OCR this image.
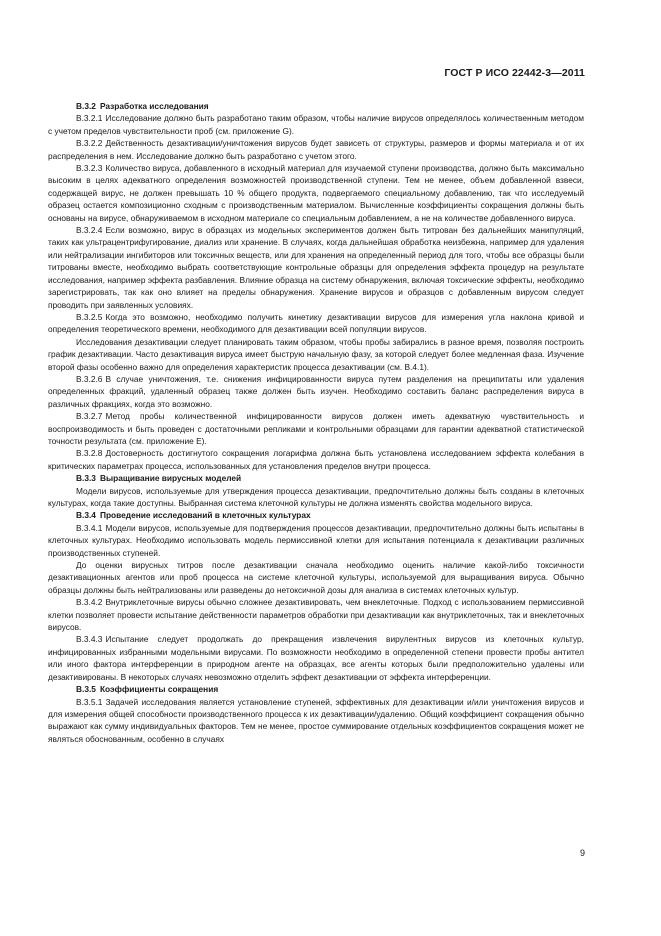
ГОСТ Р ИСО 22442-3—2011
B.3.2 Разработка исследования

B.3.2.1 Исследование должно быть разработано таким образом, чтобы наличие вирусов определялось количественным методом с учетом пределов чувствительности проб (см. приложение G).

B.3.2.2 Действенность дезактивации/уничтожения вирусов будет зависеть от структуры, размеров и формы материала и от их распределения в нем. Исследование должно быть разработано с учетом этого.

B.3.2.3 Количество вируса, добавленного в исходный материал для изучаемой ступени производства, должно быть максимально высоким в целях адекватного определения возможностей производственной ступени. Тем не менее, объем добавленной взвеси, содержащей вирус, не должен превышать 10 % общего продукта, подвергаемого специальному добавлению, так что исследуемый образец остается композиционно сходным с производственным материалом. Вычисленные коэффициенты сокращения должны быть основаны на вирусе, обнаруживаемом в исходном материале со специальным добавлением, а не на количестве добавленного вируса.

B.3.2.4 Если возможно, вирус в образцах из модельных экспериментов должен быть титрован без дальнейших манипуляций, таких как ультрацентрифугирование, диализ или хранение. В случаях, когда дальнейшая обработка неизбежна, например для удаления или нейтрализации ингибиторов или токсичных веществ, или для хранения на определенный период для того, чтобы все образцы были титрованы вместе, необходимо выбрать соответствующие контрольные образцы для определения эффекта процедур на результате исследования, например эффекта разбавления. Влияние образца на систему обнаружения, включая токсические эффекты, необходимо зарегистрировать, так как оно влияет на пределы обнаружения. Хранение вирусов и образцов с добавленным вирусом следует проводить при заявленных условиях.

B.3.2.5 Когда это возможно, необходимо получить кинетику дезактивации вирусов для измерения угла наклона кривой и определения теоретического времени, необходимого для дезактивации всей популяции вирусов.

Исследования дезактивации следует планировать таким образом, чтобы пробы забирались в разное время, позволяя построить график дезактивации. Часто дезактивация вируса имеет быструю начальную фазу, за которой следует более медленная фаза. Изучение второй фазы особенно важно для определения характеристик процесса дезактивации (см. B.4.1).

B.3.2.6 В случае уничтожения, т.е. снижения инфицированности вируса путем разделения на преципитаты или удаления определенных фракций, удаленный образец также должен быть изучен. Необходимо составить баланс распределения вируса в различных фракциях, когда это возможно.

B.3.2.7 Метод пробы количественной инфицированности вирусов должен иметь адекватную чувствительность и воспроизводимость и быть проведен с достаточными репликами и контрольными образцами для гарантии адекватной статистической точности результата (см. приложение E).

B.3.2.8 Достоверность достигнутого сокращения логарифма должна быть установлена исследованием эффекта колебания в критических параметрах процесса, использованных для установления пределов внутри процесса.

B.3.3 Выращивание вирусных моделей

Модели вирусов, используемые для утверждения процесса дезактивации, предпочтительно должны быть созданы в клеточных культурах, когда такие доступны. Выбранная система клеточной культуры не должна изменять свойства модельного вируса.

B.3.4 Проведение исследований в клеточных культурах

B.3.4.1 Модели вирусов, используемые для подтверждения процессов дезактивации, предпочтительно должны быть испытаны в клеточных культурах. Необходимо использовать модель пермиссивной клетки для испытания потенциала к дезактивации различных производственных ступеней.

До оценки вирусных титров после дезактивации сначала необходимо оценить наличие какой-либо токсичности дезактивационных агентов или проб процесса на системе клеточной культуры, используемой для выращивания вируса. Обычно образцы должны быть нейтрализованы или разведены до нетоксичной дозы для анализа в системах клеточных культур.

B.3.4.2 Внутриклеточные вирусы обычно сложнее дезактивировать, чем внеклеточные. Подход с использованием пермиссивной клетки позволяет провести испытание действенности параметров обработки при дезактивации как внутриклеточных, так и внеклеточных вирусов.

B.3.4.3 Испытание следует продолжать до прекращения извлечения вирулентных вирусов из клеточных культур, инфицированных избранными модельными вирусами. По возможности необходимо в определенной степени провести пробы антител или иного фактора интерференции в природном агенте на образцах, все агенты которых были предположительно удалены или дезактивированы. В некоторых случаях невозможно отделить эффект дезактивации от эффекта интерференции.

B.3.5 Коэффициенты сокращения

B.3.5.1 Задачей исследования является установление ступеней, эффективных для дезактивации и/или уничтожения вирусов и для измерения общей способности производственного процесса к их дезактивации/удалению. Общий коэффициент сокращения обычно выражают как сумму индивидуальных факторов. Тем не менее, простое суммирование отдельных коэффициентов сокращения может не являться обоснованным, особенно в случаях

9
